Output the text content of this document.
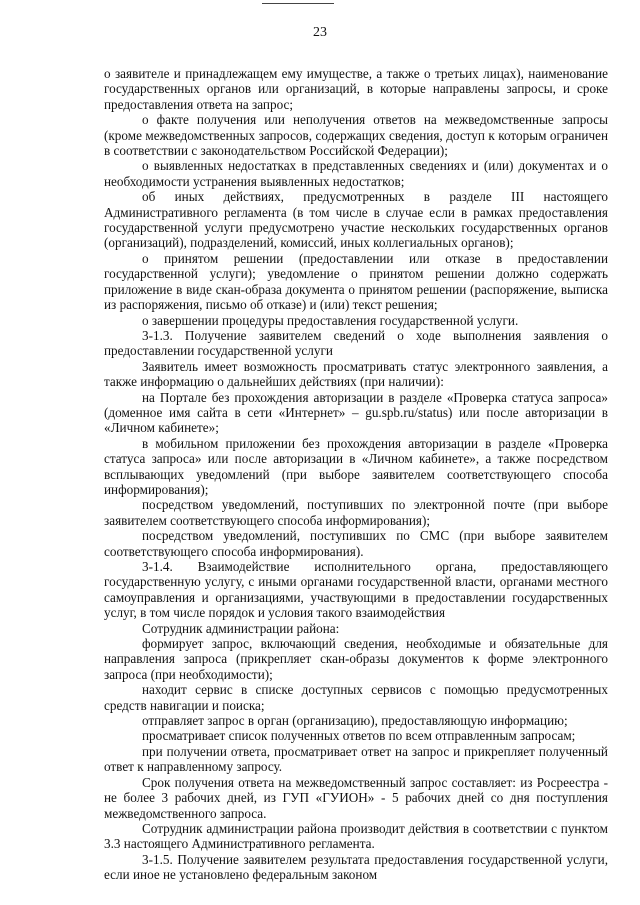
23

о заявителе и принадлежащем ему имуществе, а также о третьих лицах), наименование государственных органов или организаций, в которые направлены запросы, и сроке предоставления ответа на запрос;

о факте получения или неполучения ответов на межведомственные запросы (кроме межведомственных запросов, содержащих сведения, доступ к которым ограничен в соответствии с законодательством Российской Федерации);

о выявленных недостатках в представленных сведениях и (или) документах и о необходимости устранения выявленных недостатков;

об иных действиях, предусмотренных в разделе III настоящего Административного регламента (в том числе в случае если в рамках предоставления государственной услуги предусмотрено участие нескольких государственных органов (организаций), подразделений, комиссий, иных коллегиальных органов);

о принятом решении (предоставлении или отказе в предоставлении государственной услуги); уведомление о принятом решении должно содержать приложение в виде скан-образа документа о принятом решении (распоряжение, выписка из распоряжения, письмо об отказе) и (или) текст решения;

о завершении процедуры предоставления государственной услуги.

3-1.3. Получение заявителем сведений о ходе выполнения заявления о предоставлении государственной услуги

Заявитель имеет возможность просматривать статус электронного заявления, а также информацию о дальнейших действиях (при наличии):

на Портале без прохождения авторизации в разделе «Проверка статуса запроса» (доменное имя сайта в сети «Интернет» – gu.spb.ru/status) или после авторизации в «Личном кабинете»;

в мобильном приложении без прохождения авторизации в разделе «Проверка статуса запроса» или после авторизации в «Личном кабинете», а также посредством всплывающих уведомлений (при выборе заявителем соответствующего способа информирования);

посредством уведомлений, поступивших по электронной почте (при выборе заявителем соответствующего способа информирования);

посредством уведомлений, поступивших по СМС (при выборе заявителем соответствующего способа информирования).

3-1.4. Взаимодействие исполнительного органа, предоставляющего государственную услугу, с иными органами государственной власти, органами местного самоуправления и организациями, участвующими в предоставлении государственных услуг, в том числе порядок и условия такого взаимодействия

Сотрудник администрации района:

формирует запрос, включающий сведения, необходимые и обязательные для направления запроса (прикрепляет скан-образы документов к форме электронного запроса (при необходимости);

находит сервис в списке доступных сервисов с помощью предусмотренных средств навигации и поиска;

отправляет запрос в орган (организацию), предоставляющую информацию;

просматривает список полученных ответов по всем отправленным запросам;

при получении ответа, просматривает ответ на запрос и прикрепляет полученный ответ к направленному запросу.

Срок получения ответа на межведомственный запрос составляет: из Росреестра - не более 3 рабочих дней, из ГУП «ГУИОН» - 5 рабочих дней со дня поступления межведомственного запроса.

Сотрудник администрации района производит действия в соответствии с пунктом 3.3 настоящего Административного регламента.

3-1.5. Получение заявителем результата предоставления государственной услуги, если иное не установлено федеральным законом
